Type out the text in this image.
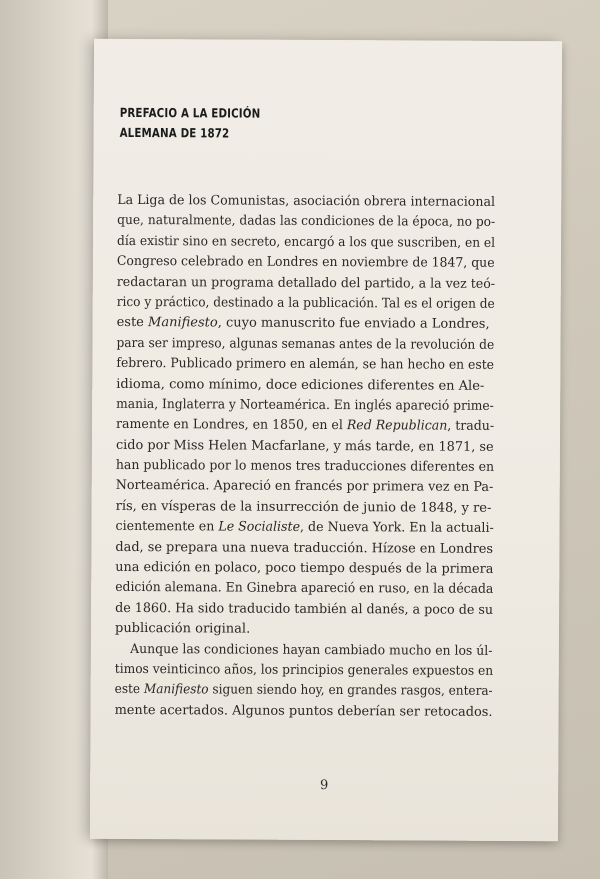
PREFACIO A LA EDICIÓN
ALEMANA DE 1872
La Liga de los Comunistas, asociación obrera internacional
que, naturalmente, dadas las condiciones de la época, no po-
día existir sino en secreto, encargó a los que suscriben, en el
Congreso celebrado en Londres en noviembre de 1847, que
redactaran un programa detallado del partido, a la vez teó-
rico y práctico, destinado a la publicación. Tal es el origen de
este Manifiesto, cuyo manuscrito fue enviado a Londres,
para ser impreso, algunas semanas antes de la revolución de
febrero. Publicado primero en alemán, se han hecho en este
idioma, como mínimo, doce ediciones diferentes en Ale-
mania, Inglaterra y Norteamérica. En inglés apareció prime-
ramente en Londres, en 1850, en el Red Republican, tradu-
cido por Miss Helen Macfarlane, y más tarde, en 1871, se
han publicado por lo menos tres traducciones diferentes en
Norteamérica. Apareció en francés por primera vez en Pa-
rís, en vísperas de la insurrección de junio de 1848, y re-
cientemente en Le Socialiste, de Nueva York. En la actuali-
dad, se prepara una nueva traducción. Hízose en Londres
una edición en polaco, poco tiempo después de la primera
edición alemana. En Ginebra apareció en ruso, en la década
de 1860. Ha sido traducido también al danés, a poco de su
publicación original.
Aunque las condiciones hayan cambiado mucho en los úl-
timos veinticinco años, los principios generales expuestos en
este Manifiesto siguen siendo hoy, en grandes rasgos, entera-
mente acertados. Algunos puntos deberían ser retocados.
9
